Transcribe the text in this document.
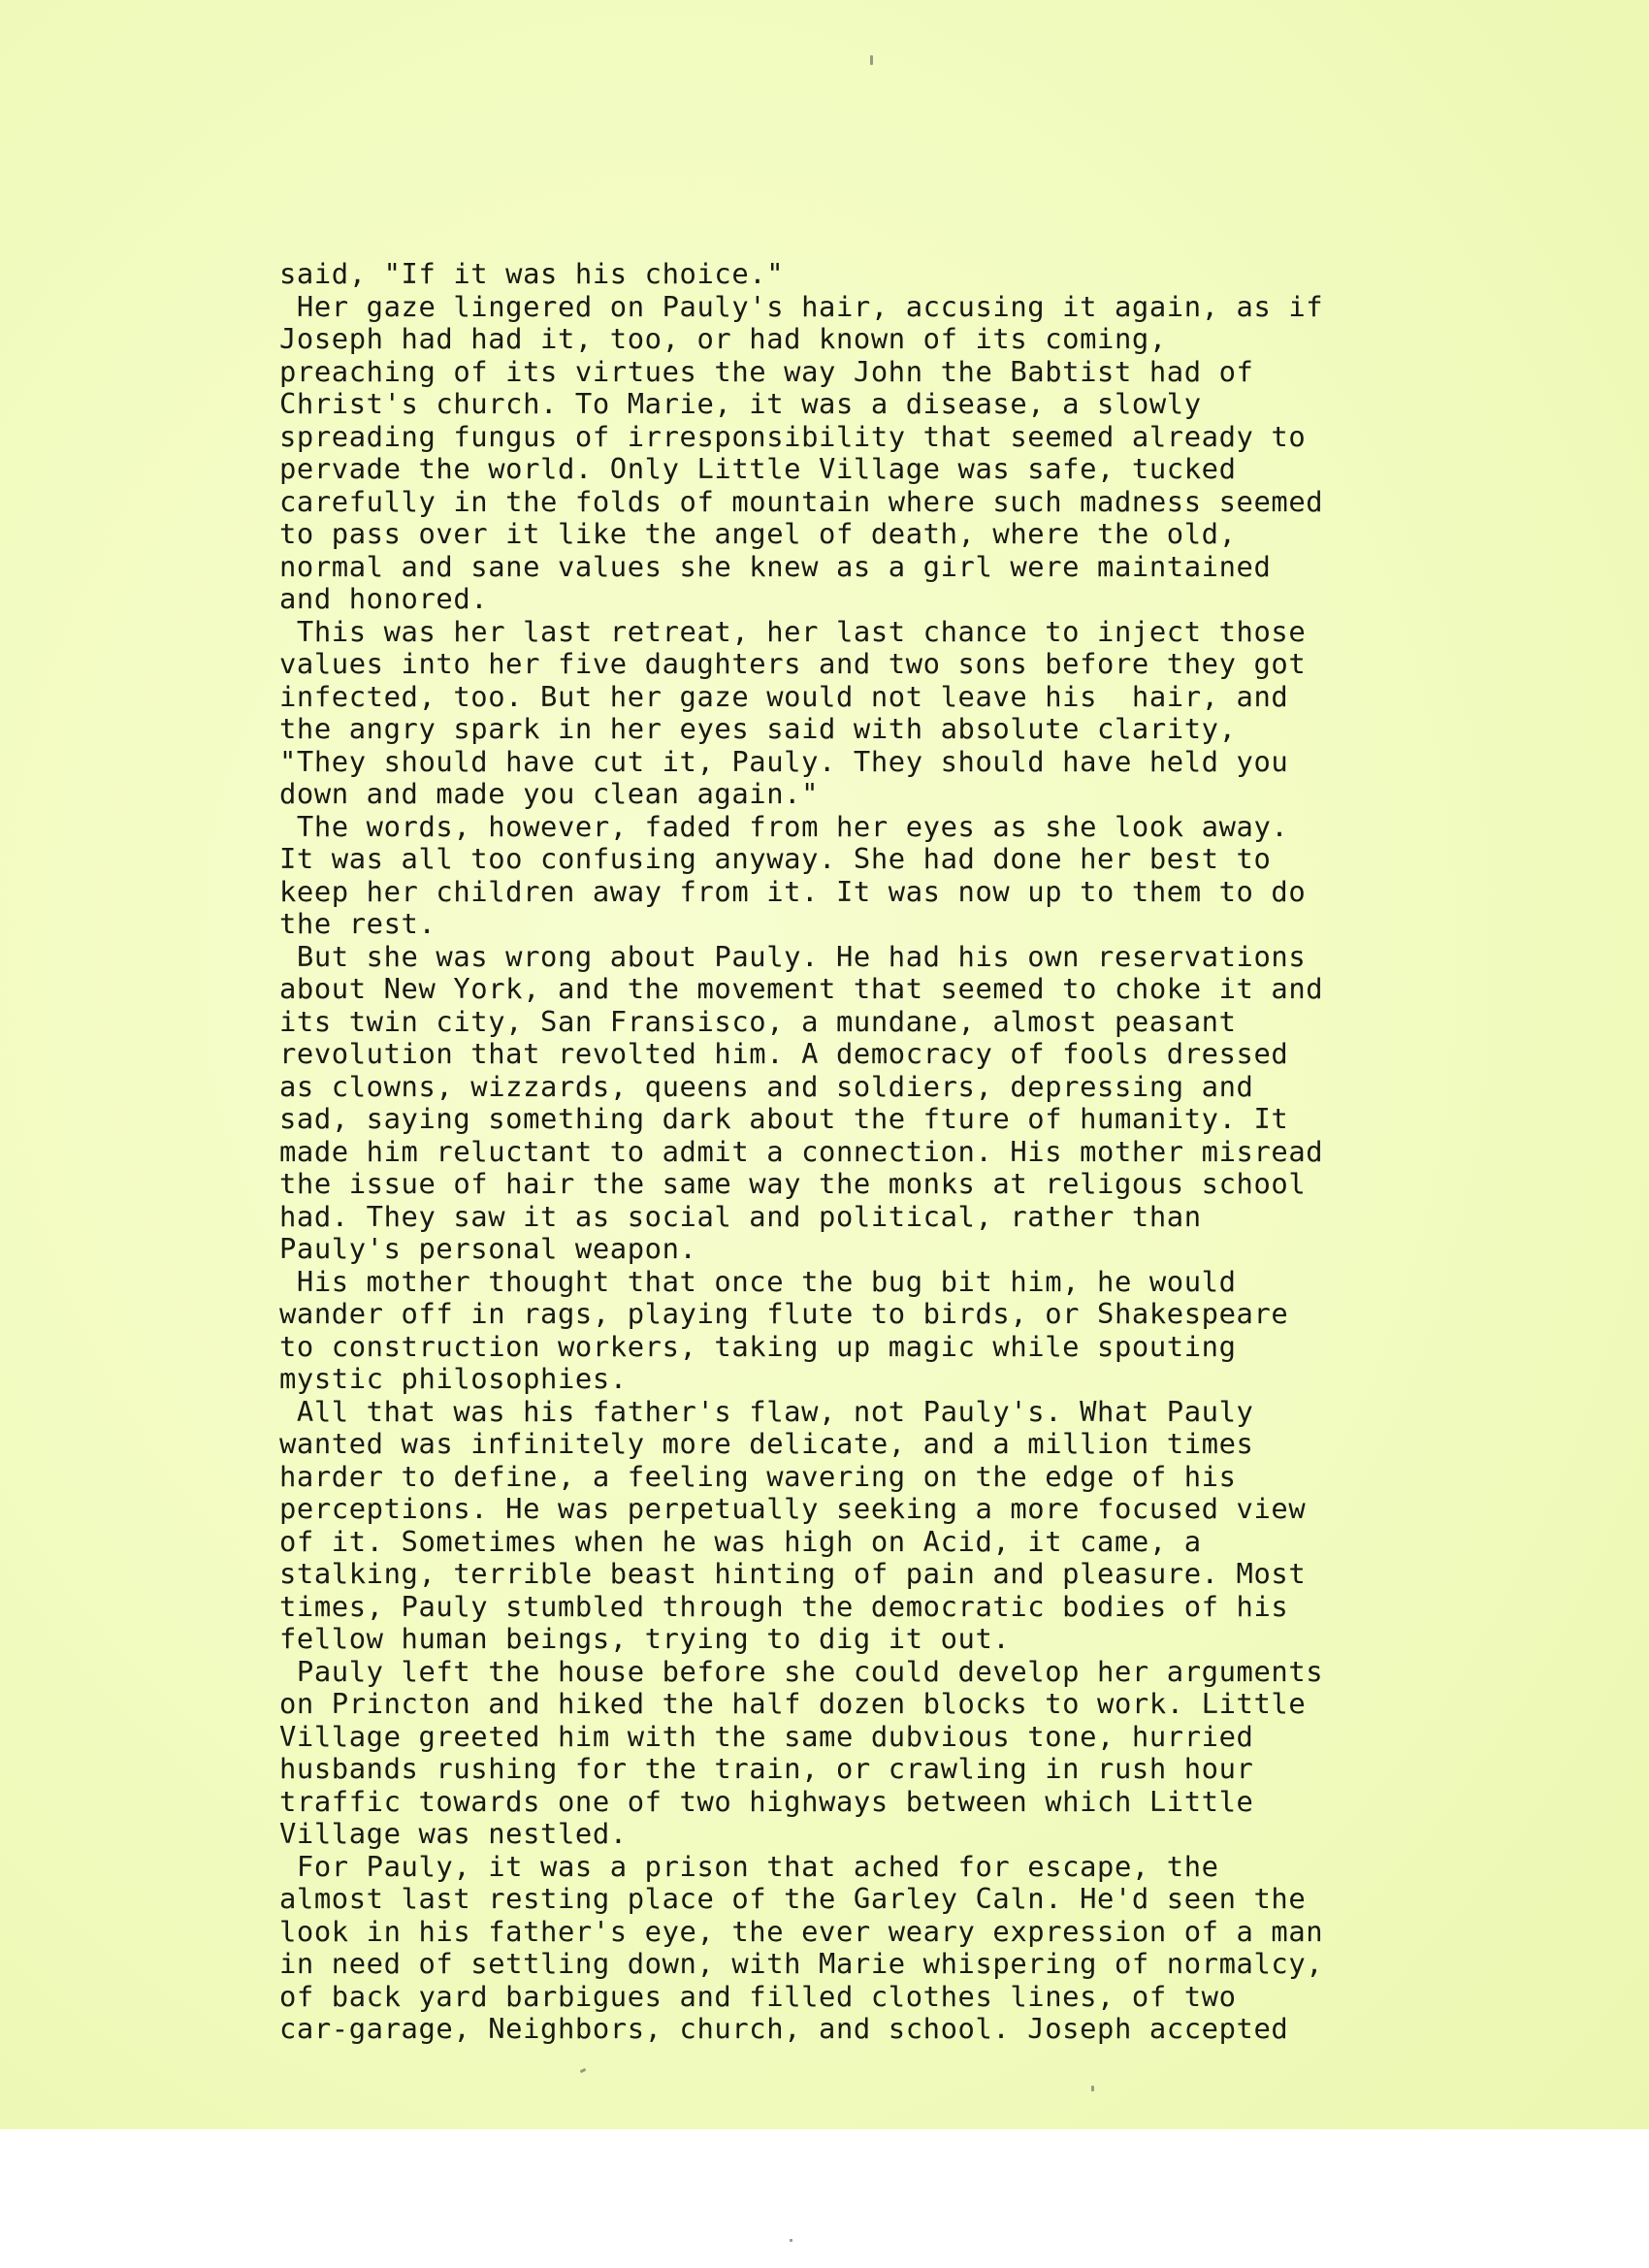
said, "If it was his choice."
Her gaze lingered on Pauly's hair, accusing it again, as if
Joseph had had it, too, or had known of its coming,
preaching of its virtues the way John the Babtist had of
Christ's church. To Marie, it was a disease, a slowly
spreading fungus of irresponsibility that seemed already to
pervade the world. Only Little Village was safe, tucked
carefully in the folds of mountain where such madness seemed
to pass over it like the angel of death, where the old,
normal and sane values she knew as a girl were maintained
and honored.
This was her last retreat, her last chance to inject those
values into her five daughters and two sons before they got
infected, too. But her gaze would not leave his  hair, and
the angry spark in her eyes said with absolute clarity,
"They should have cut it, Pauly. They should have held you
down and made you clean again."
The words, however, faded from her eyes as she look away.
It was all too confusing anyway. She had done her best to
keep her children away from it. It was now up to them to do
the rest.
But she was wrong about Pauly. He had his own reservations
about New York, and the movement that seemed to choke it and
its twin city, San Fransisco, a mundane, almost peasant
revolution that revolted him. A democracy of fools dressed
as clowns, wizzards, queens and soldiers, depressing and
sad, saying something dark about the fture of humanity. It
made him reluctant to admit a connection. His mother misread
the issue of hair the same way the monks at religous school
had. They saw it as social and political, rather than
Pauly's personal weapon.
His mother thought that once the bug bit him, he would
wander off in rags, playing flute to birds, or Shakespeare
to construction workers, taking up magic while spouting
mystic philosophies.
All that was his father's flaw, not Pauly's. What Pauly
wanted was infinitely more delicate, and a million times
harder to define, a feeling wavering on the edge of his
perceptions. He was perpetually seeking a more focused view
of it. Sometimes when he was high on Acid, it came, a
stalking, terrible beast hinting of pain and pleasure. Most
times, Pauly stumbled through the democratic bodies of his
fellow human beings, trying to dig it out.
Pauly left the house before she could develop her arguments
on Princton and hiked the half dozen blocks to work. Little
Village greeted him with the same dubvious tone, hurried
husbands rushing for the train, or crawling in rush hour
traffic towards one of two highways between which Little
Village was nestled.
For Pauly, it was a prison that ached for escape, the
almost last resting place of the Garley Caln. He'd seen the
look in his father's eye, the ever weary expression of a man
in need of settling down, with Marie whispering of normalcy,
of back yard barbigues and filled clothes lines, of two
car-garage, Neighbors, church, and school. Joseph accepted
